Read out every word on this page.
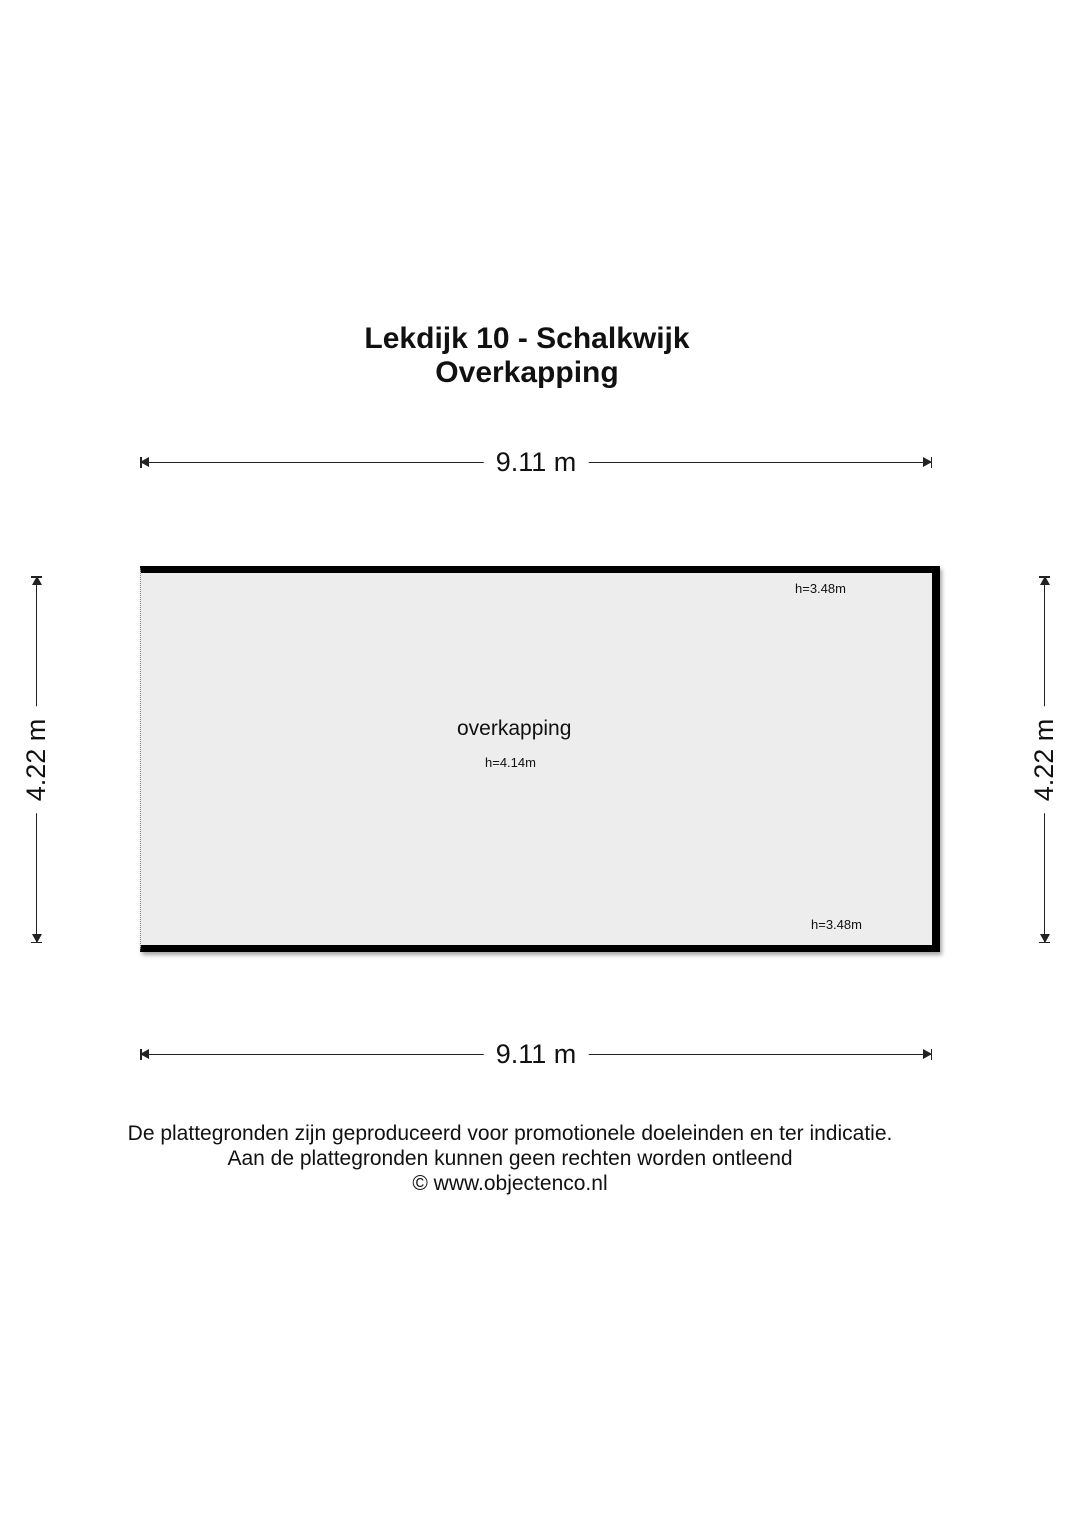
Lekdijk 10 - Schalkwijk
Overkapping
9.11 m
4.22 m	4.22 m
overkapping
h=4.14m
h=3.48m
h=3.48m
9.11 m
De plattegronden zijn geproduceerd voor promotionele doeleinden en ter indicatie.
Aan de plattegronden kunnen geen rechten worden ontleend
© www.objectenco.nl
